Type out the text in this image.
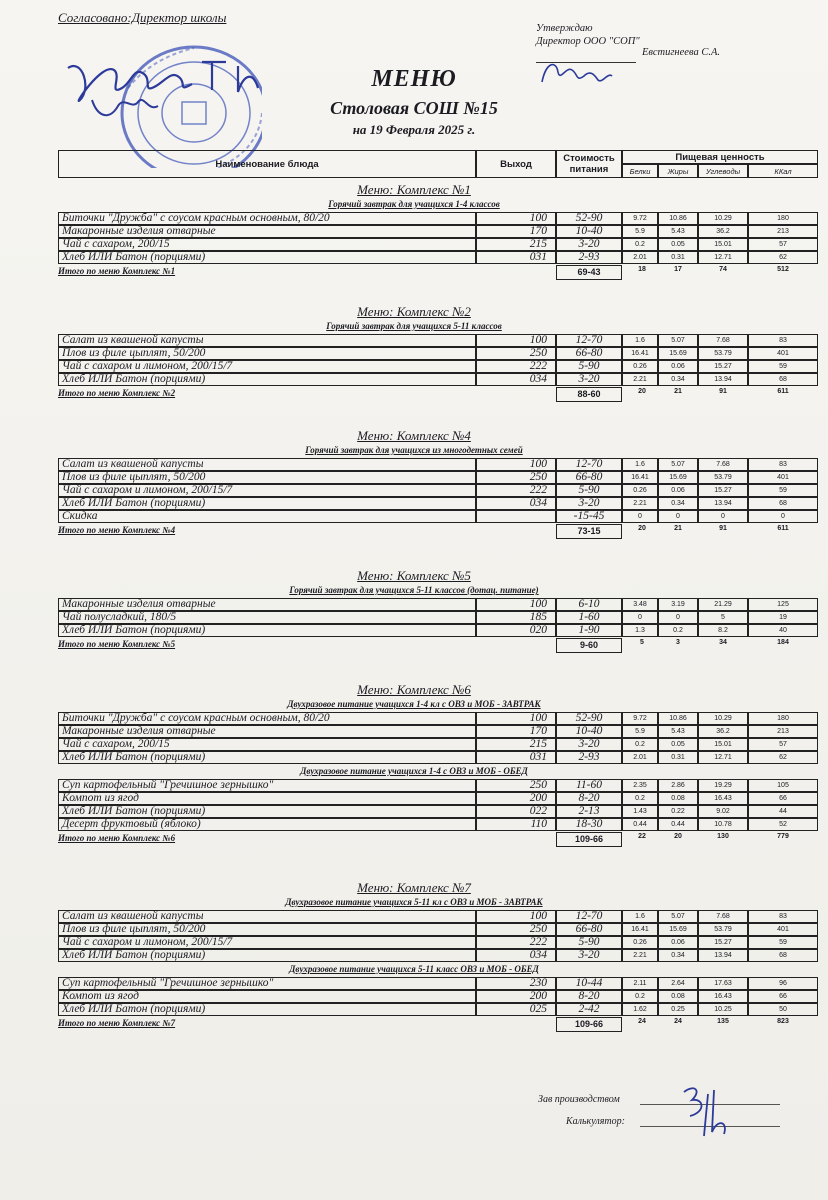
Согласовано:Директор школы
Утверждаю
Директор ООО "СОП"
Евстигнеева С.А.
МЕНЮ
Столовая СОШ №15
на 19 Февраля 2025 г.
Наименование блюда	Выход	Стоимость питания
Пищевая ценность
Белки	Жиры	Углеводы	ККал
Меню: Комплекс №1
Горячий завтрак для учащихся 1-4 классов
Биточки "Дружба" с соусом красным основным, 80/20	100	52-90	9.72	10.86	10.29	180
Макаронные изделия отварные	170	10-40	5.9	5.43	36.2	213
Чай с сахаром, 200/15	215	3-20	0.2	0.05	15.01	57
Хлеб ИЛИ Батон (порциями)	031	2-93	2.01	0.31	12.71	62
Итого по меню Комплекс №1	69-43	18	17	74	512
Меню: Комплекс №2
Горячий завтрак для учащихся 5-11 классов
Салат из квашеной капусты	100	12-70	1.6	5.07	7.68	83
Плов из филе цыплят, 50/200	250	66-80	16.41	15.69	53.79	401
Чай с сахаром и лимоном, 200/15/7	222	5-90	0.26	0.06	15.27	59
Хлеб ИЛИ Батон (порциями)	034	3-20	2.21	0.34	13.94	68
Итого по меню Комплекс №2	88-60	20	21	91	611
Меню: Комплекс №4
Горячий завтрак для учащихся из многодетных семей
Салат из квашеной капусты	100	12-70	1.6	5.07	7.68	83
Плов из филе цыплят, 50/200	250	66-80	16.41	15.69	53.79	401
Чай с сахаром и лимоном, 200/15/7	222	5-90	0.26	0.06	15.27	59
Хлеб ИЛИ Батон (порциями)	034	3-20	2.21	0.34	13.94	68
Скидка	-15-45	0	0	0	0
Итого по меню Комплекс №4	73-15	20	21	91	611
Меню: Комплекс №5
Горячий завтрак для учащихся 5-11 классов (дотац. питание)
Макаронные изделия отварные	100	6-10	3.48	3.19	21.29	125
Чай полусладкий, 180/5	185	1-60	0	0	5	19
Хлеб ИЛИ Батон (порциями)	020	1-90	1.3	0.2	8.2	40
Итого по меню Комплекс №5	9-60	5	3	34	184
Меню: Комплекс №6
Двухразовое питание учащихся 1-4 кл с ОВЗ и МОБ - ЗАВТРАК
Биточки "Дружба" с соусом красным основным, 80/20	100	52-90	9.72	10.86	10.29	180
Макаронные изделия отварные	170	10-40	5.9	5.43	36.2	213
Чай с сахаром, 200/15	215	3-20	0.2	0.05	15.01	57
Хлеб ИЛИ Батон (порциями)	031	2-93	2.01	0.31	12.71	62
Двухразовое питание учащихся 1-4 с ОВЗ и МОБ - ОБЕД
Суп картофельный "Гречишное зернышко"	250	11-60	2.35	2.86	19.29	105
Компот из ягод	200	8-20	0.2	0.08	16.43	66
Хлеб ИЛИ Батон (порциями)	022	2-13	1.43	0.22	9.02	44
Десерт фруктовый (яблоко)	110	18-30	0.44	0.44	10.78	52
Итого по меню Комплекс №6	109-66	22	20	130	779
Меню: Комплекс №7
Двухразовое питание учащихся 5-11 кл с ОВЗ и МОБ - ЗАВТРАК
Салат из квашеной капусты	100	12-70	1.6	5.07	7.68	83
Плов из филе цыплят, 50/200	250	66-80	16.41	15.69	53.79	401
Чай с сахаром и лимоном, 200/15/7	222	5-90	0.26	0.06	15.27	59
Хлеб ИЛИ Батон (порциями)	034	3-20	2.21	0.34	13.94	68
Двухразовое питание учащихся 5-11 класс ОВЗ и МОБ - ОБЕД
Суп картофельный "Гречишное зернышко"	230	10-44	2.11	2.64	17.63	96
Компот из ягод	200	8-20	0.2	0.08	16.43	66
Хлеб ИЛИ Батон (порциями)	025	2-42	1.62	0.25	10.25	50
Итого по меню Комплекс №7	109-66	24	24	135	823
Зав производством
Калькулятор:
